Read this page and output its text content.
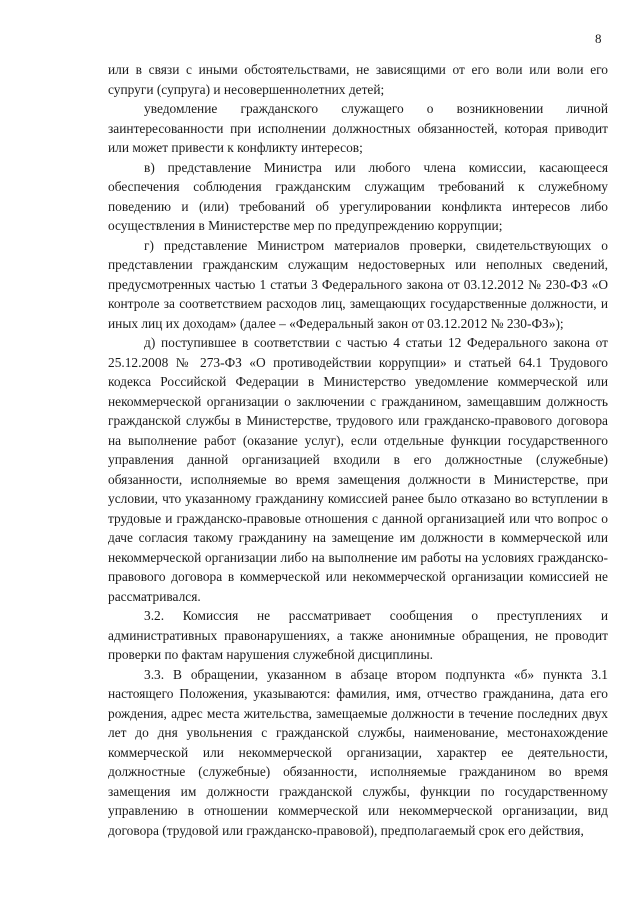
8

или в связи с иными обстоятельствами, не зависящими от его воли или воли его супруги (супруга) и несовершеннолетних детей;

уведомление гражданского служащего о возникновении личной заинтересованности при исполнении должностных обязанностей, которая приводит или может привести к конфликту интересов;

в) представление Министра или любого члена комиссии, касающееся обеспечения соблюдения гражданским служащим требований к служебному поведению и (или) требований об урегулировании конфликта интересов либо осуществления в Министерстве мер по предупреждению коррупции;

г) представление Министром материалов проверки, свидетельствующих о представлении гражданским служащим недостоверных или неполных сведений, предусмотренных частью 1 статьи 3 Федерального закона от 03.12.2012 № 230-ФЗ «О контроле за соответствием расходов лиц, замещающих государственные должности, и иных лиц их доходам» (далее – «Федеральный закон от 03.12.2012 № 230-ФЗ»);

д) поступившее в соответствии с частью 4 статьи 12 Федерального закона от 25.12.2008 № 273-ФЗ «О противодействии коррупции» и статьей 64.1 Трудового кодекса Российской Федерации в Министерство уведомление коммерческой или некоммерческой организации о заключении с гражданином, замещавшим должность гражданской службы в Министерстве, трудового или гражданско-правового договора на выполнение работ (оказание услуг), если отдельные функции государственного управления данной организацией входили в его должностные (служебные) обязанности, исполняемые во время замещения должности в Министерстве, при условии, что указанному гражданину комиссией ранее было отказано во вступлении в трудовые и гражданско-правовые отношения с данной организацией или что вопрос о даче согласия такому гражданину на замещение им должности в коммерческой или некоммерческой организации либо на выполнение им работы на условиях гражданско-правового договора в коммерческой или некоммерческой организации комиссией не рассматривался.

3.2. Комиссия не рассматривает сообщения о преступлениях и административных правонарушениях, а также анонимные обращения, не проводит проверки по фактам нарушения служебной дисциплины.

3.3. В обращении, указанном в абзаце втором подпункта «б» пункта 3.1 настоящего Положения, указываются: фамилия, имя, отчество гражданина, дата его рождения, адрес места жительства, замещаемые должности в течение последних двух лет до дня увольнения с гражданской службы, наименование, местонахождение коммерческой или некоммерческой организации, характер ее деятельности, должностные (служебные) обязанности, исполняемые гражданином во время замещения им должности гражданской службы, функции по государственному управлению в отношении коммерческой или некоммерческой организации, вид договора (трудовой или гражданско-правовой), предполагаемый срок его действия,
